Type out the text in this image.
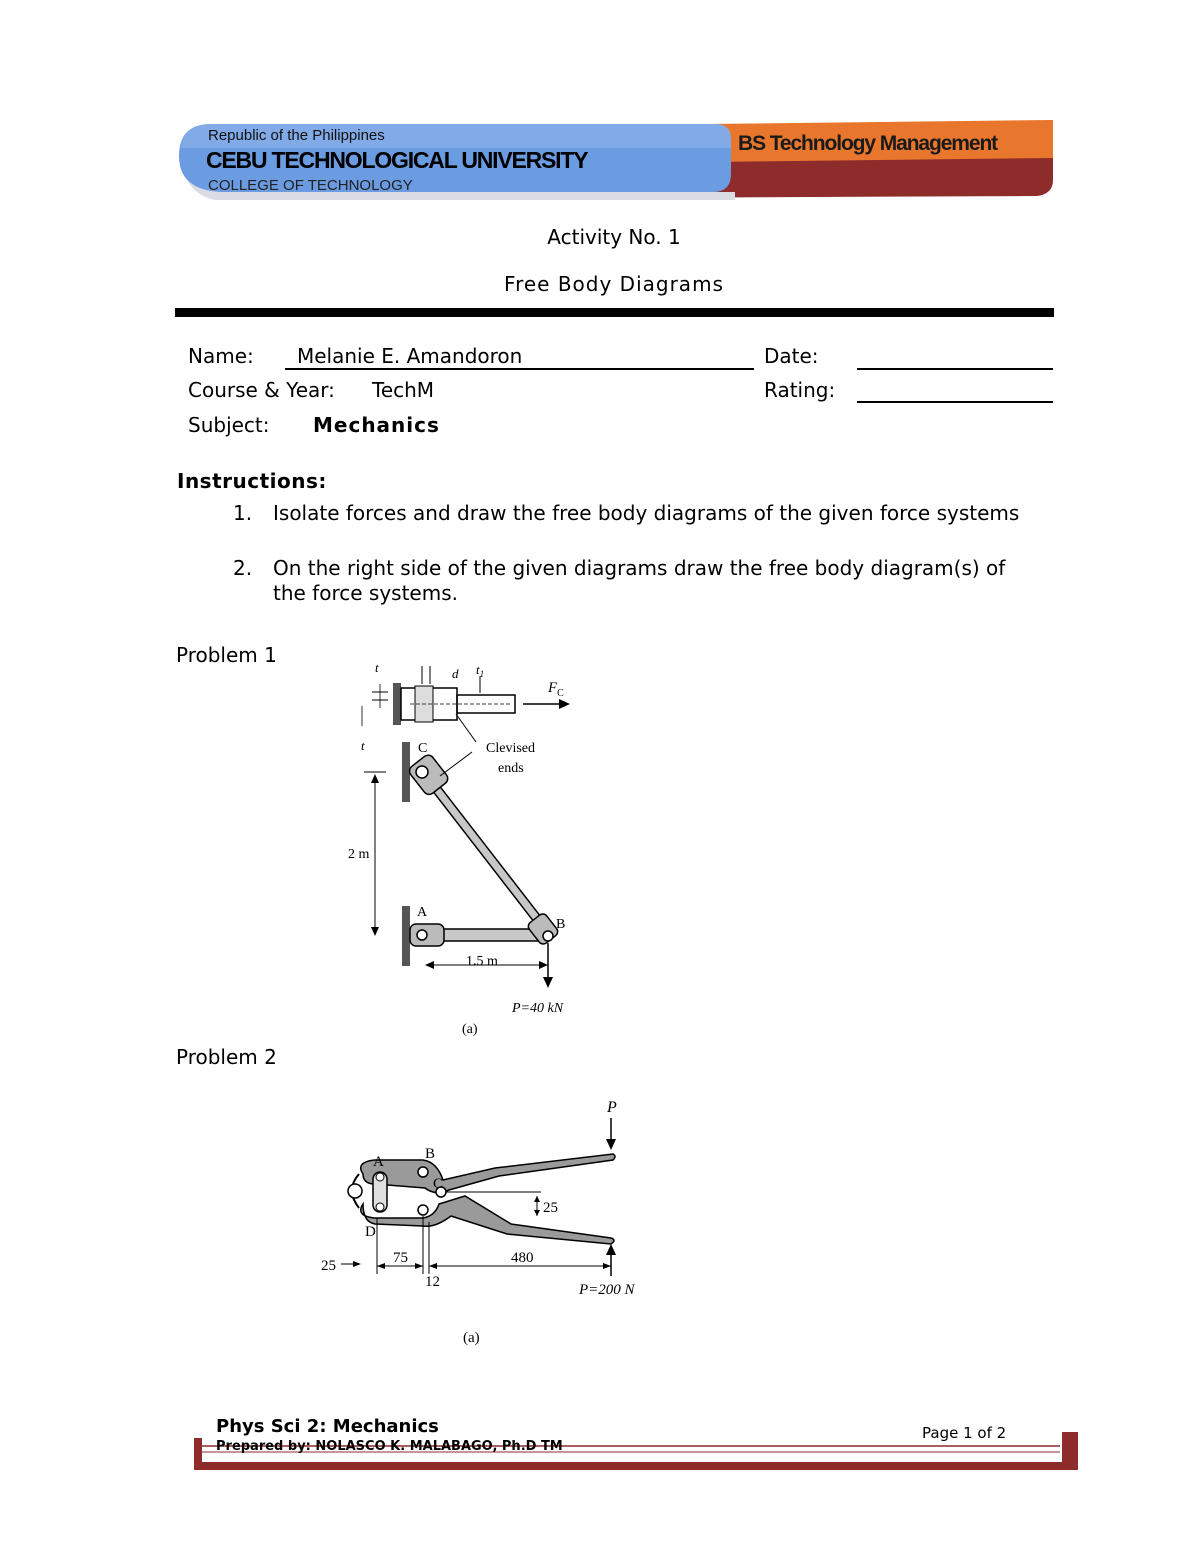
Republic of the Philippines
CEBU TECHNOLOGICAL UNIVERSITY
COLLEGE OF TECHNOLOGY
BS Technology Management
Activity No. 1
Free Body Diagrams
Name: Melanie E. Amandoron	Date:
Course & Year: TechM	Rating:
Subject: Mechanics
Instructions:
1. Isolate forces and draw the free body diagrams of the given force systems
2. On the right side of the given diagrams draw the free body diagram(s) of the force systems.
Problem 1
t
t
d $t_1$
$F_C$
C	Clevised
ends
2 m
A
B
1.5 m
P=40 kN
(a)
Problem 2
P
A	B
C
D
25
25	75	480
12	P=200 N
(a)
Phys Sci 2: Mechanics
Prepared by: NOLASCO K. MALABAGO, Ph.D TM
Page 1 of 2
